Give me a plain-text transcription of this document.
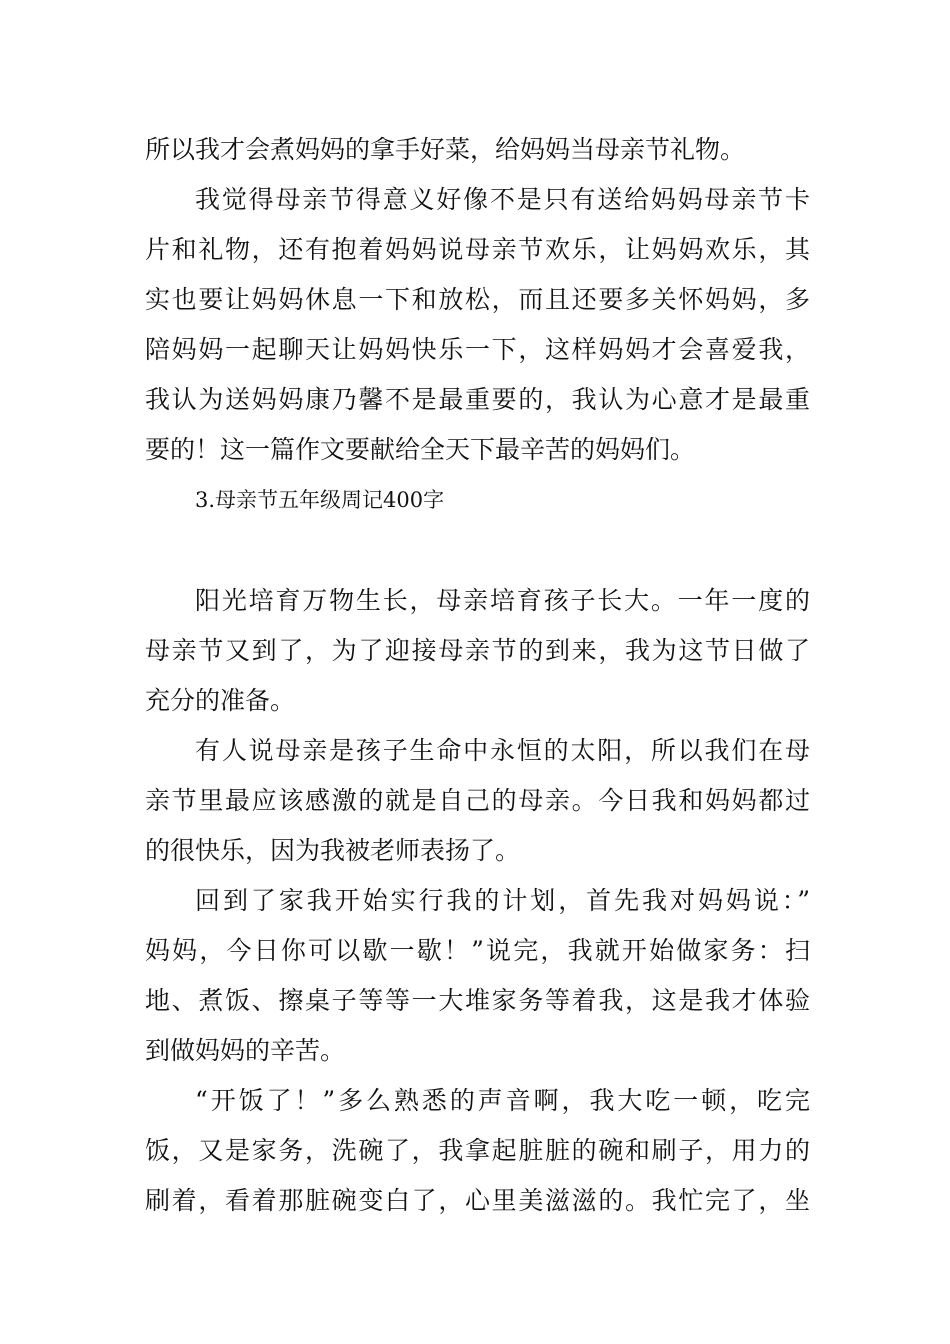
所以我才会煮妈妈的拿手好菜，给妈妈当母亲节礼物。

我觉得母亲节得意义好像不是只有送给妈妈母亲节卡

片和礼物，还有抱着妈妈说母亲节欢乐，让妈妈欢乐，其

实也要让妈妈休息一下和放松，而且还要多关怀妈妈，多

陪妈妈一起聊天让妈妈快乐一下，这样妈妈才会喜爱我，

我认为送妈妈康乃馨不是最重要的，我认为心意才是最重

要的！这一篇作文要献给全天下最辛苦的妈妈们。

3.母亲节五年级周记400字

阳光培育万物生长，母亲培育孩子长大。一年一度的

母亲节又到了，为了迎接母亲节的到来，我为这节日做了

充分的准备。

有人说母亲是孩子生命中永恒的太阳，所以我们在母

亲节里最应该感激的就是自己的母亲。今日我和妈妈都过

的很快乐，因为我被老师表扬了。

回到了家我开始实行我的计划，首先我对妈妈说：”

妈妈，今日你可以歇一歇！”说完，我就开始做家务：扫

地、煮饭、擦桌子等等一大堆家务等着我，这是我才体验

到做妈妈的辛苦。

“开饭了！”多么熟悉的声音啊，我大吃一顿，吃完

饭，又是家务，洗碗了，我拿起脏脏的碗和刷子，用力的

刷着，看着那脏碗变白了，心里美滋滋的。我忙完了，坐
